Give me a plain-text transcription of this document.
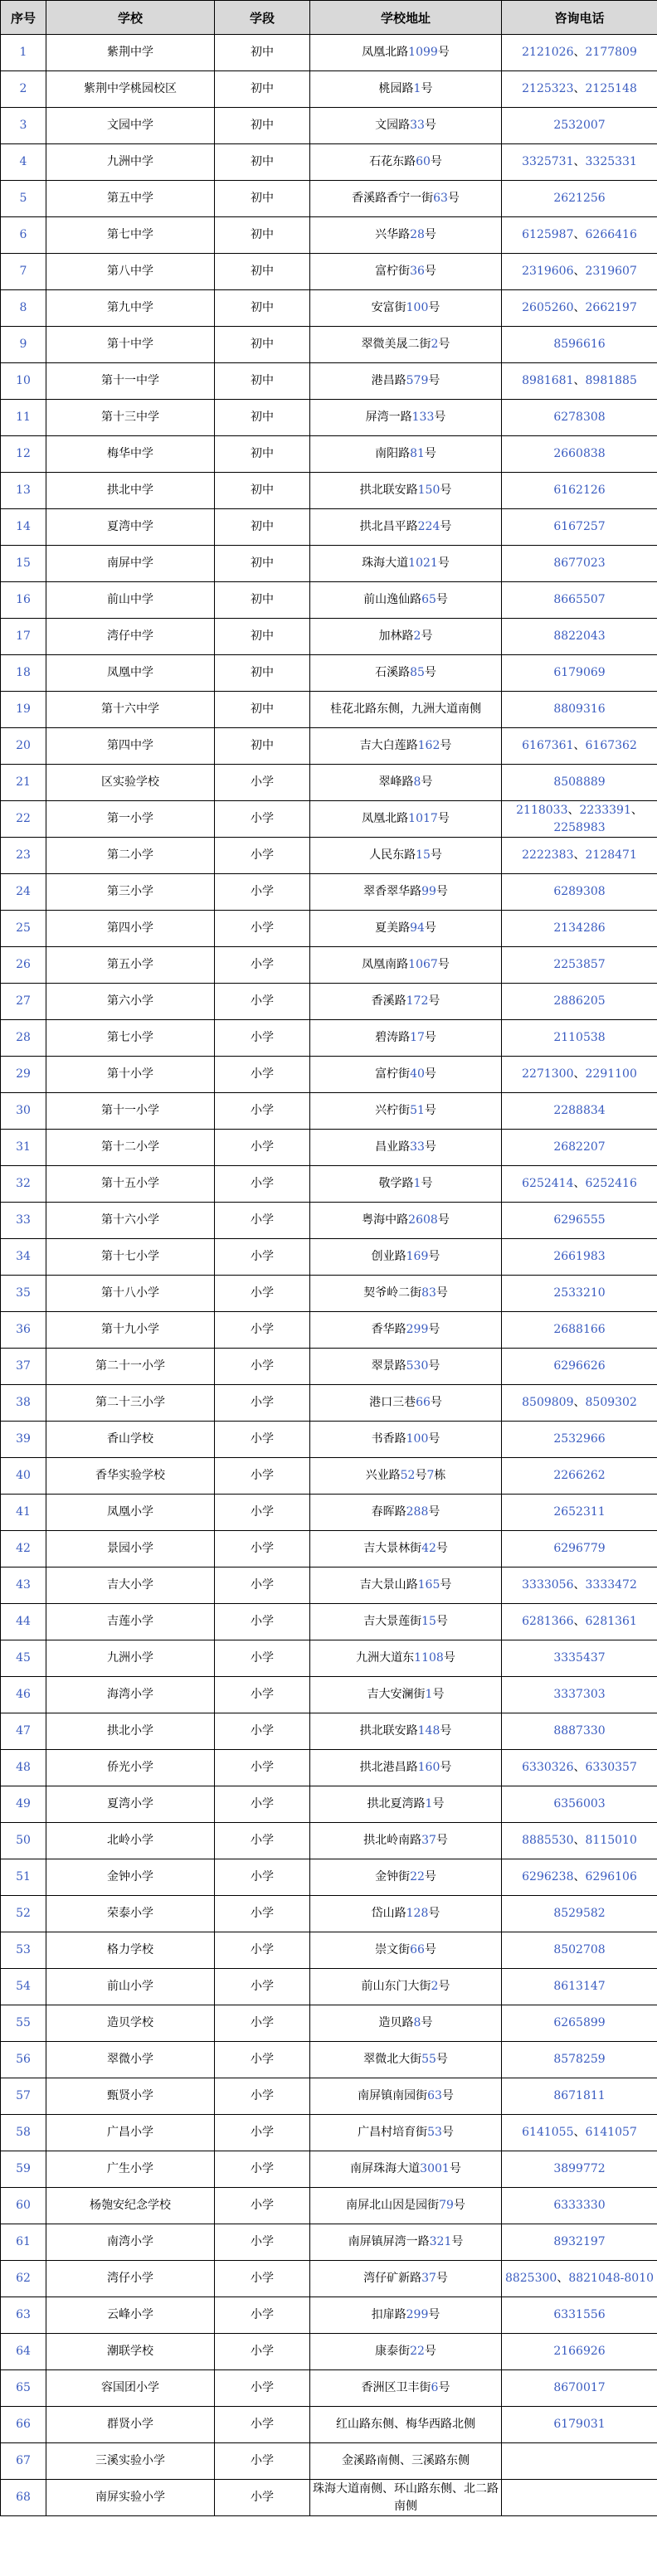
序号	学校	学段	学校地址	咨询电话
1	紫荆中学	初中	凤凰北路1099号	2121026、2177809
2	紫荆中学桃园校区	初中	桃园路1号	2125323、2125148
3	文园中学	初中	文园路33号	2532007
4	九洲中学	初中	石花东路60号	3325731、3325331
5	第五中学	初中	香溪路香宁一街63号	2621256
6	第七中学	初中	兴华路28号	6125987、6266416
7	第八中学	初中	富柠街36号	2319606、2319607
8	第九中学	初中	安富街100号	2605260、2662197
9	第十中学	初中	翠微美晟二街2号	8596616
10	第十一中学	初中	港昌路579号	8981681、8981885
11	第十三中学	初中	屏湾一路133号	6278308
12	梅华中学	初中	南阳路81号	2660838
13	拱北中学	初中	拱北联安路150号	6162126
14	夏湾中学	初中	拱北昌平路224号	6167257
15	南屏中学	初中	珠海大道1021号	8677023
16	前山中学	初中	前山逸仙路65号	8665507
17	湾仔中学	初中	加林路2号	8822043
18	凤凰中学	初中	石溪路85号	6179069
19	第十六中学	初中	桂花北路东侧，九洲大道南侧	8809316
20	第四中学	初中	吉大白莲路162号	6167361、6167362
21	区实验学校	小学	翠峰路8号	8508889
22	第一小学	小学	凤凰北路1017号	2118033、2233391、2258983
23	第二小学	小学	人民东路15号	2222383、2128471
24	第三小学	小学	翠香翠华路99号	6289308
25	第四小学	小学	夏美路94号	2134286
26	第五小学	小学	凤凰南路1067号	2253857
27	第六小学	小学	香溪路172号	2886205
28	第七小学	小学	碧涛路17号	2110538
29	第十小学	小学	富柠街40号	2271300、2291100
30	第十一小学	小学	兴柠街51号	2288834
31	第十二小学	小学	昌业路33号	2682207
32	第十五小学	小学	敬学路1号	6252414、6252416
33	第十六小学	小学	粤海中路2608号	6296555
34	第十七小学	小学	创业路169号	2661983
35	第十八小学	小学	契爷岭二街83号	2533210
36	第十九小学	小学	香华路299号	2688166
37	第二十一小学	小学	翠景路530号	6296626
38	第二十三小学	小学	港口三巷66号	8509809、8509302
39	香山学校	小学	书香路100号	2532966
40	香华实验学校	小学	兴业路52号7栋	2266262
41	凤凰小学	小学	春晖路288号	2652311
42	景园小学	小学	吉大景林街42号	6296779
43	吉大小学	小学	吉大景山路165号	3333056、3333472
44	吉莲小学	小学	吉大景莲街15号	6281366、6281361
45	九洲小学	小学	九洲大道东1108号	3335437
46	海湾小学	小学	吉大安澜街1号	3337303
47	拱北小学	小学	拱北联安路148号	8887330
48	侨光小学	小学	拱北港昌路160号	6330326、6330357
49	夏湾小学	小学	拱北夏湾路1号	6356003
50	北岭小学	小学	拱北岭南路37号	8885530、8115010
51	金钟小学	小学	金钟街22号	6296238、6296106
52	荣泰小学	小学	岱山路128号	8529582
53	格力学校	小学	崇文街66号	8502708
54	前山小学	小学	前山东门大街2号	8613147
55	造贝学校	小学	造贝路8号	6265899
56	翠微小学	小学	翠微北大街55号	8578259
57	甄贤小学	小学	南屏镇南园街63号	8671811
58	广昌小学	小学	广昌村培育街53号	6141055、6141057
59	广生小学	小学	南屏珠海大道3001号	3899772
60	杨匏安纪念学校	小学	南屏北山因是园街79号	6333330
61	南湾小学	小学	南屏镇屏湾一路321号	8932197
62	湾仔小学	小学	湾仔矿新路37号	8825300、8821048-8010
63	云峰小学	小学	扣扉路299号	6331556
64	潮联学校	小学	康泰街22号	2166926
65	容国团小学	小学	香洲区卫丰街6号	8670017
66	群贤小学	小学	红山路东侧、梅华西路北侧	6179031
67	三溪实验小学	小学	金溪路南侧、三溪路东侧	
68	南屏实验小学	小学	珠海大道南侧、环山路东侧、北二路南侧	
